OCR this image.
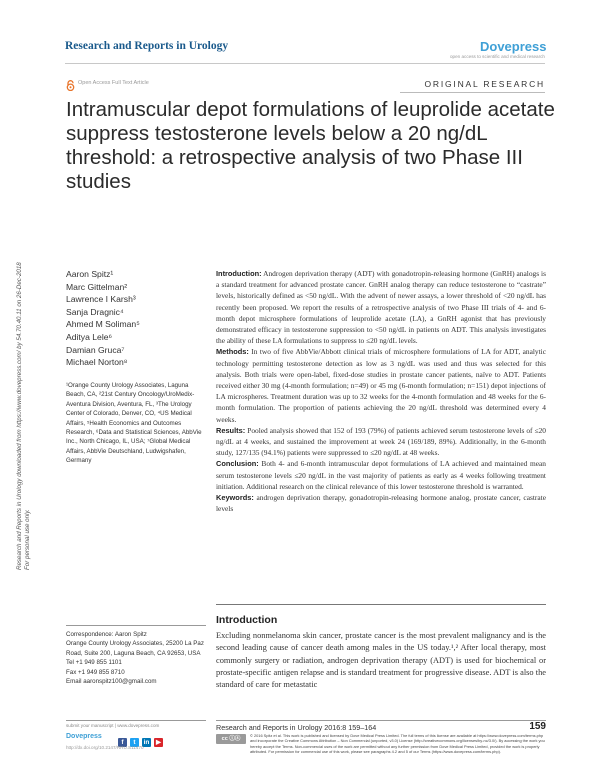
Research and Reports in Urology	Dovepress
open access to scientific and medical research
Open Access Full Text Article	ORIGINAL RESEARCH
Intramuscular depot formulations of leuprolide acetate suppress testosterone levels below a 20 ng/dL threshold: a retrospective analysis of two Phase III studies
Research and Reports in Urology downloaded from https://www.dovepress.com/ by 54.70.40.11 on 26-Dec-2018 For personal use only.
Aaron Spitz¹
Marc Gittelman²
Lawrence I Karsh³
Sanja Dragnic⁴
Ahmed M Soliman⁵
Aditya Lele⁶
Damian Gruca⁷
Michael Norton⁸
¹Orange County Urology Associates, Laguna Beach, CA, ²21st Century Oncology/UroMedix-Aventura Division, Aventura, FL, ³The Urology Center of Colorado, Denver, CO, ⁴US Medical Affairs, ⁵Health Economics and Outcomes Research, ⁶Data and Statistical Sciences, AbbVie Inc., North Chicago, IL, USA; ⁷Global Medical Affairs, AbbVie Deutschland, Ludwigshafen, Germany

Introduction: Androgen deprivation therapy (ADT) with gonadotropin-releasing hormone (GnRH) analogs is a standard treatment for advanced prostate cancer. GnRH analog therapy can reduce testosterone to “castrate” levels, historically defined as <50 ng/dL. With the advent of newer assays, a lower threshold of <20 ng/dL has recently been proposed. We report the results of a retrospective analysis of two Phase III trials of 4- and 6-month depot microsphere formulations of leuprolide acetate (LA), a GnRH agonist that has previously demonstrated efficacy in testosterone suppression to <50 ng/dL in patients on ADT. This analysis investigates the ability of these LA formulations to suppress to ≤20 ng/dL levels.

Methods: In two of five AbbVie/Abbott clinical trials of microsphere formulations of LA for ADT, analytic technology permitting testosterone detection as low as 3 ng/dL was used and thus was selected for this analysis. Both trials were open-label, fixed-dose studies in prostate cancer patients, naïve to ADT. Patients received either 30 mg (4-month formulation; n=49) or 45 mg (6-month formulation; n=151) depot injections of LA microspheres. Treatment duration was up to 32 weeks for the 4-month formulation and 48 weeks for the 6-month formulation. The proportion of patients achieving the 20 ng/dL threshold was determined every 4 weeks.

Results: Pooled analysis showed that 152 of 193 (79%) of patients achieved serum testosterone levels of ≤20 ng/dL at 4 weeks, and sustained the improvement at week 24 (169/189, 89%). Additionally, in the 6-month study, 127/135 (94.1%) patients were suppressed to ≤20 ng/dL at 48 weeks.

Conclusion: Both 4- and 6-month intramuscular depot formulations of LA achieved and maintained mean serum testosterone levels ≤20 ng/dL in the vast majority of patients as early as 4 weeks following treatment initiation. Additional research on the clinical relevance of this lower testosterone threshold is warranted.

Keywords: androgen deprivation therapy, gonadotropin-releasing hormone analog, prostate cancer, castrate levels

Introduction
Excluding nonmelanoma skin cancer, prostate cancer is the most prevalent malignancy and is the second leading cause of cancer death among males in the US today.¹,² After local therapy, most commonly surgery or radiation, androgen deprivation therapy (ADT) is used for biochemical or prostate-specific antigen relapse and is standard treatment for progressive disease. ADT is also the standard of care for metastatic
Correspondence: Aaron Spitz
Orange County Urology Associates, 25200 La Paz Road, Suite 200, Laguna Beach, CA 92653, USA
Tel +1 949 855 1101
Fax +1 949 855 8710
Email aaronspitz100@gmail.com
submit your manuscript | www.dovepress.com
Dovepress
f t in ▶
http://dx.doi.org/10.2147/RRU.S11470
Research and Reports in Urology 2016:8 159–164	159
cc ⓘⓢ
© 2016 Spitz et al. This work is published and licensed by Dove Medical Press Limited. The full terms of this license are available at https://www.dovepress.com/terms.php and incorporate the Creative Commons Attribution – Non Commercial (unported, v3.0) License (http://creativecommons.org/licenses/by-nc/3.0/). By accessing the work you hereby accept the Terms. Non-commercial uses of the work are permitted without any further permission from Dove Medical Press Limited, provided the work is properly attributed. For permission for commercial use of this work, please see paragraphs 4.2 and 5 of our Terms (https://www.dovepress.com/terms.php).
